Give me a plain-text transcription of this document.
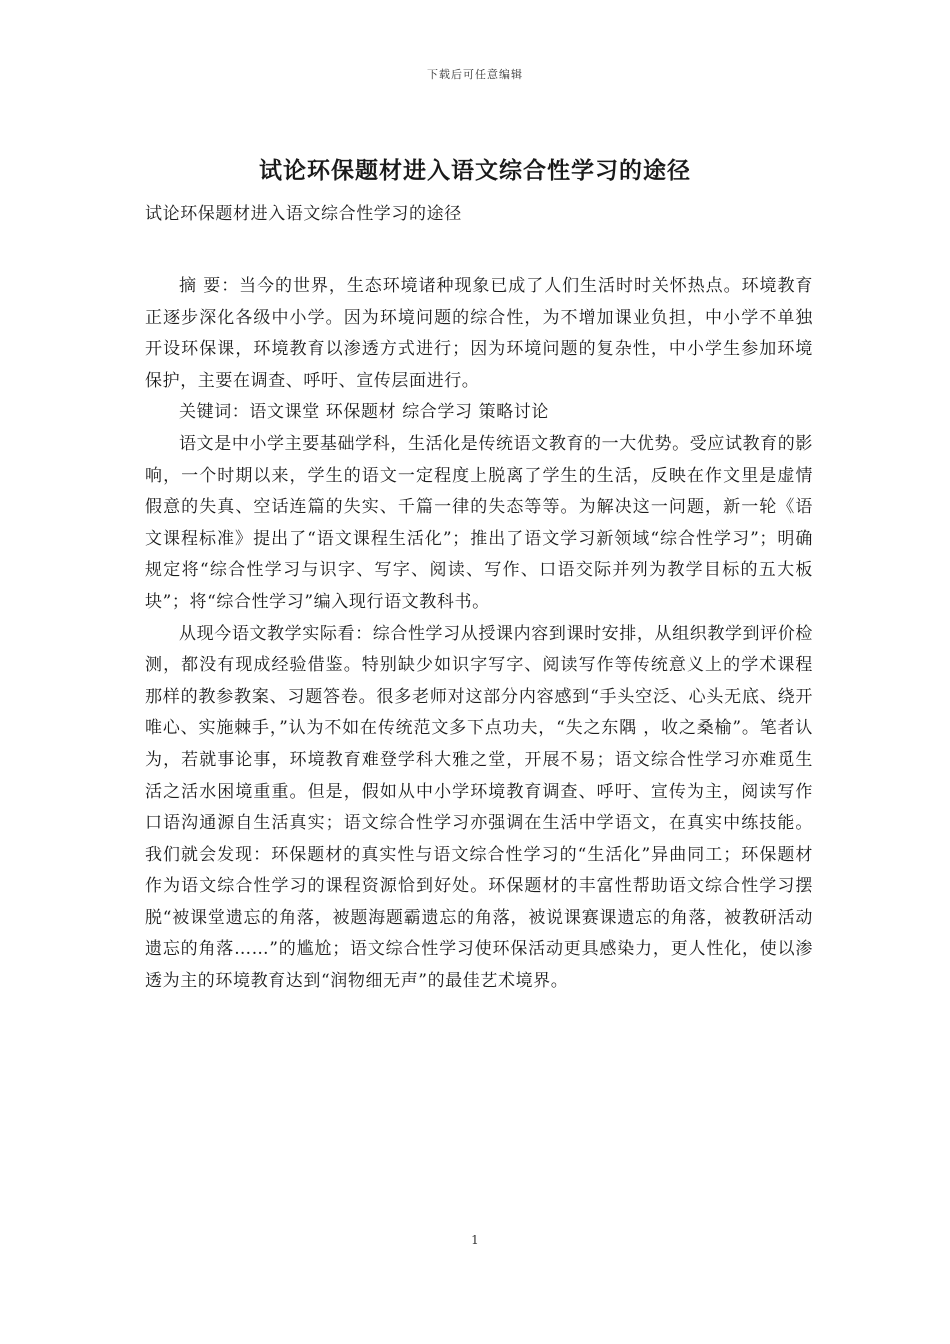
下载后可任意编辑
试论环保题材进入语文综合性学习的途径

试论环保题材进入语文综合性学习的途径

摘 要：当今的世界，生态环境诸种现象已成了人们生活时时关怀热点。环境教育正逐步深化各级中小学。因为环境问题的综合性，为不增加课业负担，中小学不单独开设环保课，环境教育以渗透方式进行；因为环境问题的复杂性，中小学生参加环境保护，主要在调查、呼吁、宣传层面进行。

关键词：语文课堂 环保题材 综合学习 策略讨论

语文是中小学主要基础学科，生活化是传统语文教育的一大优势。受应试教育的影响，一个时期以来，学生的语文一定程度上脱离了学生的生活，反映在作文里是虚情假意的失真、空话连篇的失实、千篇一律的失态等等。为解决这一问题，新一轮《语文课程标准》提出了“语文课程生活化”；推出了语文学习新领域“综合性学习”；明确规定将“综合性学习与识字、写字、阅读、写作、口语交际并列为教学目标的五大板块”；将“综合性学习”编入现行语文教科书。

从现今语文教学实际看：综合性学习从授课内容到课时安排，从组织教学到评价检测，都没有现成经验借鉴。特别缺少如识字写字、阅读写作等传统意义上的学术课程那样的教参教案、习题答卷。很多老师对这部分内容感到“手头空泛、心头无底、绕开唯心、实施棘手，”认为不如在传统范文多下点功夫，“失之东隅 ，收之桑榆”。笔者认为，若就事论事，环境教育难登学科大雅之堂，开展不易；语文综合性学习亦难觅生活之活水困境重重。但是，假如从中小学环境教育调查、呼吁、宣传为主，阅读写作口语沟通源自生活真实；语文综合性学习亦强调在生活中学语文，在真实中练技能。我们就会发现：环保题材的真实性与语文综合性学习的“生活化”异曲同工；环保题材作为语文综合性学习的课程资源恰到好处。环保题材的丰富性帮助语文综合性学习摆脱“被课堂遗忘的角落，被题海题霸遗忘的角落，被说课赛课遗忘的角落，被教研活动遗忘的角落……”的尴尬；语文综合性学习使环保活动更具感染力，更人性化，使以渗透为主的环境教育达到“润物细无声”的最佳艺术境界。

1
